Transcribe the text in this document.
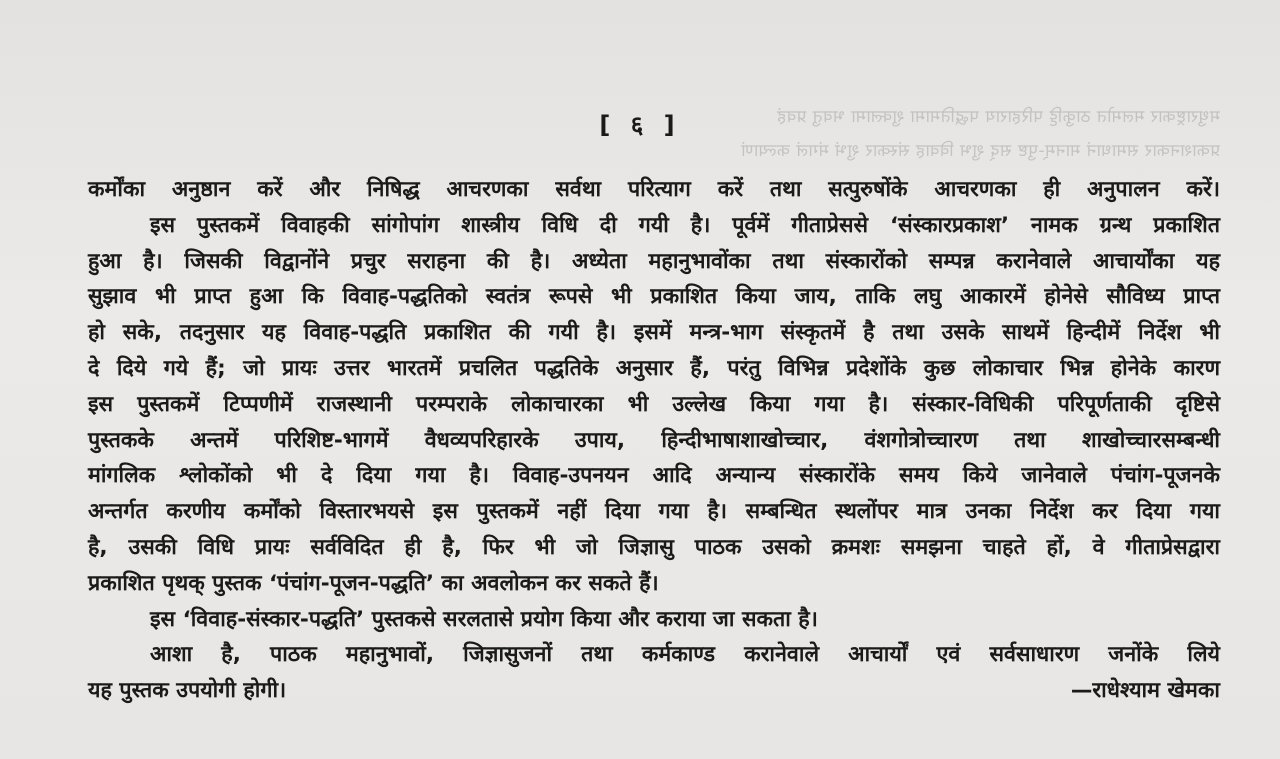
मथुराष्ट्रकार मलमोत ठाकुट्टि परिहाराय पद्धतिमामा शुक्लामा भवतु प्रवहं
प्रकाशनकार समाधानं मानम्‌-पुष्ट सद्‌ शुभ विवाह संस्कार शुभं मंगलं कल्याणं
[ ६ ]
कर्मोंका अनुष्ठान करें और निषिद्ध आचरणका सर्वथा परित्याग करें तथा सत्पुरुषोंके आचरणका ही अनुपालन करें।
इस पुस्तकमें विवाहकी सांगोपांग शास्त्रीय विधि दी गयी है। पूर्वमें गीताप्रेससे ‘संस्कारप्रकाश’ नामक ग्रन्थ प्रकाशित
हुआ है। जिसकी विद्वानोंने प्रचुर सराहना की है। अध्येता महानुभावोंका तथा संस्कारोंको सम्पन्न करानेवाले आचार्योंका यह
सुझाव भी प्राप्त हुआ कि विवाह-पद्धतिको स्वतंत्र रूपसे भी प्रकाशित किया जाय, ताकि लघु आकारमें होनेसे सौविध्य प्राप्त
हो सके, तदनुसार यह विवाह-पद्धति प्रकाशित की गयी है। इसमें मन्त्र-भाग संस्कृतमें है तथा उसके साथमें हिन्दीमें निर्देश भी
दे दिये गये हैं; जो प्रायः उत्तर भारतमें प्रचलित पद्धतिके अनुसार हैं, परंतु विभिन्न प्रदेशोंके कुछ लोकाचार भिन्न होनेके कारण
इस पुस्तकमें टिप्पणीमें राजस्थानी परम्पराके लोकाचारका भी उल्लेख किया गया है। संस्कार-विधिकी परिपूर्णताकी दृष्टिसे
पुस्तकके अन्तमें परिशिष्ट-भागमें वैधव्यपरिहारके उपाय, हिन्दीभाषाशाखोच्चार, वंशगोत्रोच्चारण तथा शाखोच्चारसम्बन्धी
मांगलिक श्लोकोंको भी दे दिया गया है। विवाह-उपनयन आदि अन्यान्य संस्कारोंके समय किये जानेवाले पंचांग-पूजनके
अन्तर्गत करणीय कर्मोंको विस्तारभयसे इस पुस्तकमें नहीं दिया गया है। सम्बन्धित स्थलोंपर मात्र उनका निर्देश कर दिया गया
है, उसकी विधि प्रायः सर्वविदित ही है, फिर भी जो जिज्ञासु पाठक उसको क्रमशः समझना चाहते हों, वे गीताप्रेसद्वारा
प्रकाशित पृथक् पुस्तक ‘पंचांग-पूजन-पद्धति’ का अवलोकन कर सकते हैं।
इस ‘विवाह-संस्कार-पद्धति’ पुस्तकसे सरलतासे प्रयोग किया और कराया जा सकता है।
आशा है, पाठक महानुभावों, जिज्ञासुजनों तथा कर्मकाण्ड करानेवाले आचार्यों एवं सर्वसाधारण जनोंके लिये
यह पुस्तक उपयोगी होगी।	—राधेश्याम खेमका
